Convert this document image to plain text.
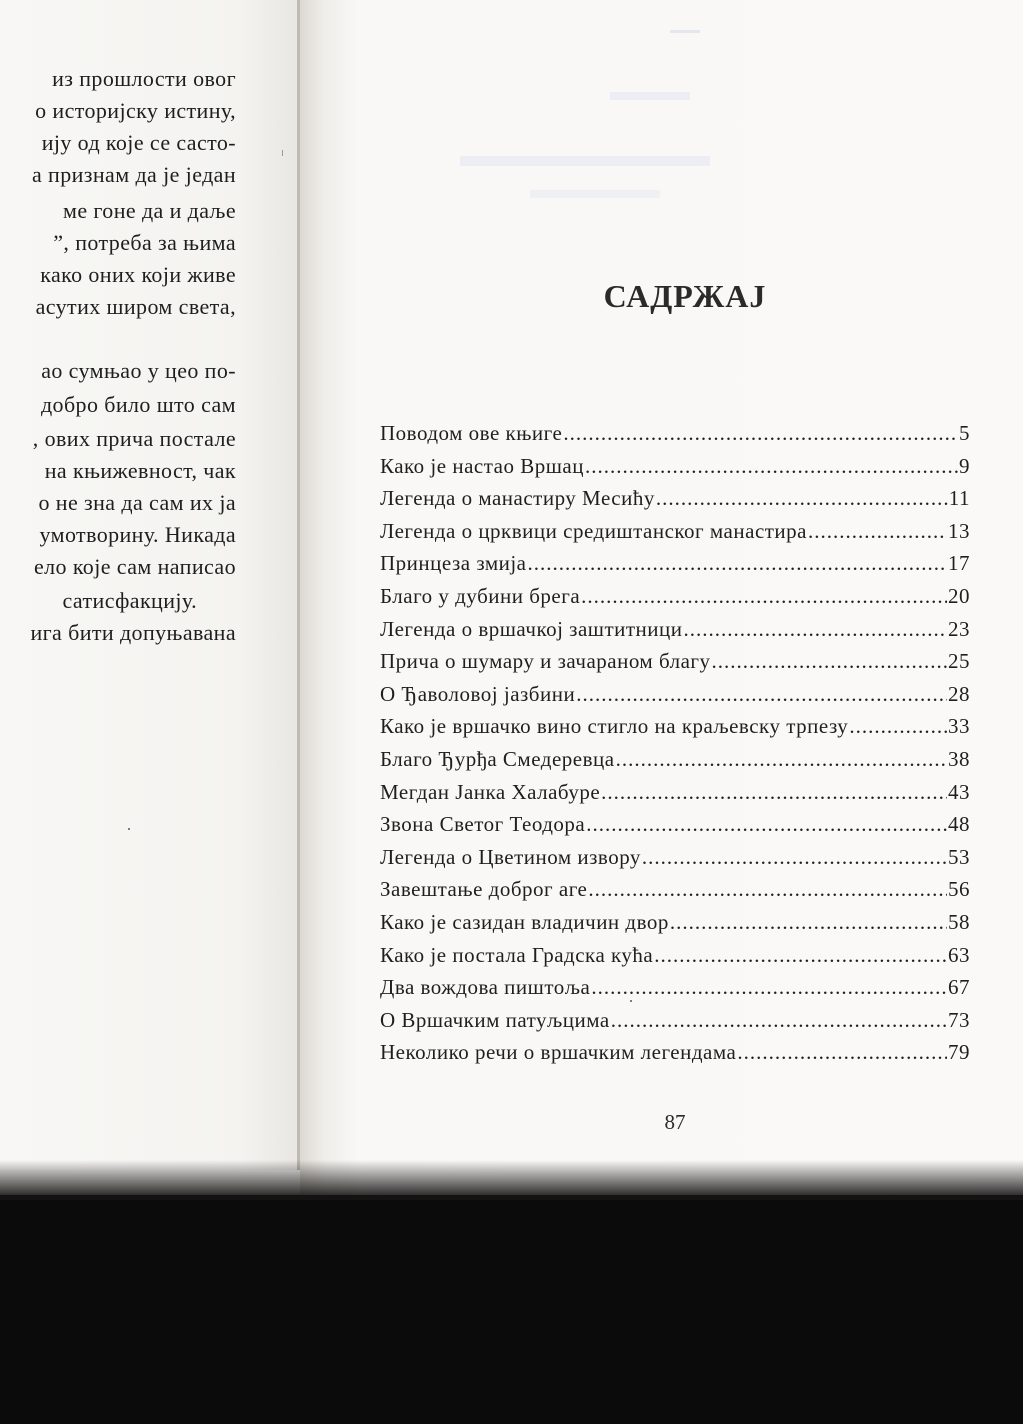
из прошлости овог
о историјску истину,
ију од које се састо-
а признам да је један
ме гоне да и даље
”, потреба за њима
како оних који живе
асутих широм света,
ао сумњао у цео по-
добро било што сам
, ових прича постале
на књижевност, чак
о не зна да сам их ја
умотворину. Никада
ело које сам написао
сатисфакцију.
ига бити допуњавана
САДРЖАЈ
Поводом ове књиге .....	5
Како је настао Вршац .....	9
Легенда о манастиру Месићу .....	11
Легенда о црквици средиштанског манастира .....	13
Принцеза змија .....	17
Благо у дубини брега .....	20
Легенда о вршачкој заштитници .....	23
Прича о шумару и зачараном благу .....	25
О Ђаволовој јазбини .....	28
Како је вршачко вино стигло на краљевску трпезу .....	33
Благо Ђурђа Смедеревца .....	38
Мегдан Јанка Халабуре .....	43
Звона Светог Теодора .....	48
Легенда о Цветином извору .....	53
Завештање доброг аге .....	56
Како је сазидан владичин двор .....	58
Како је постала Градска кућа .....	63
Два вождова пиштоља .....	67
О Вршачким патуљцима .....	73
Неколико речи о вршачким легендама .....	79
87
